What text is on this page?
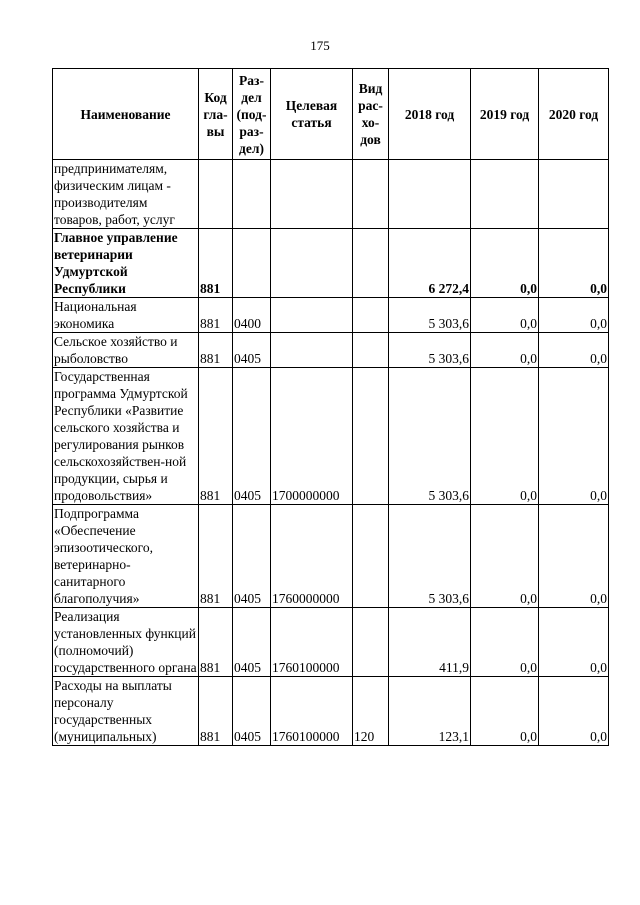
175
Наименование	Код гла- вы	Раз- дел (под- раз- дел)	Целевая статья	Вид рас- хо- дов	2018 год	2019 год	2020 год
предпринимателям, физическим лицам - производителям товаров, работ, услуг							
Главное управление ветеринарии Удмуртской Республики	881				6 272,4	0,0	0,0
Национальная экономика	881	0400			5 303,6	0,0	0,0
Сельское хозяйство и рыболовство	881	0405			5 303,6	0,0	0,0
Государственная программа Удмуртской Республики «Развитие сельского хозяйства и регулирования рынков сельскохозяйствен-ной продукции, сырья и продовольствия»	881	0405	1700000000		5 303,6	0,0	0,0
Подпрограмма «Обеспечение эпизоотического, ветеринарно-санитарного благополучия»	881	0405	1760000000		5 303,6	0,0	0,0
Реализация установленных функций (полномочий) государственного органа	881	0405	1760100000		411,9	0,0	0,0
Расходы на выплаты персоналу государственных (муниципальных)	881	0405	1760100000	120	123,1	0,0	0,0
